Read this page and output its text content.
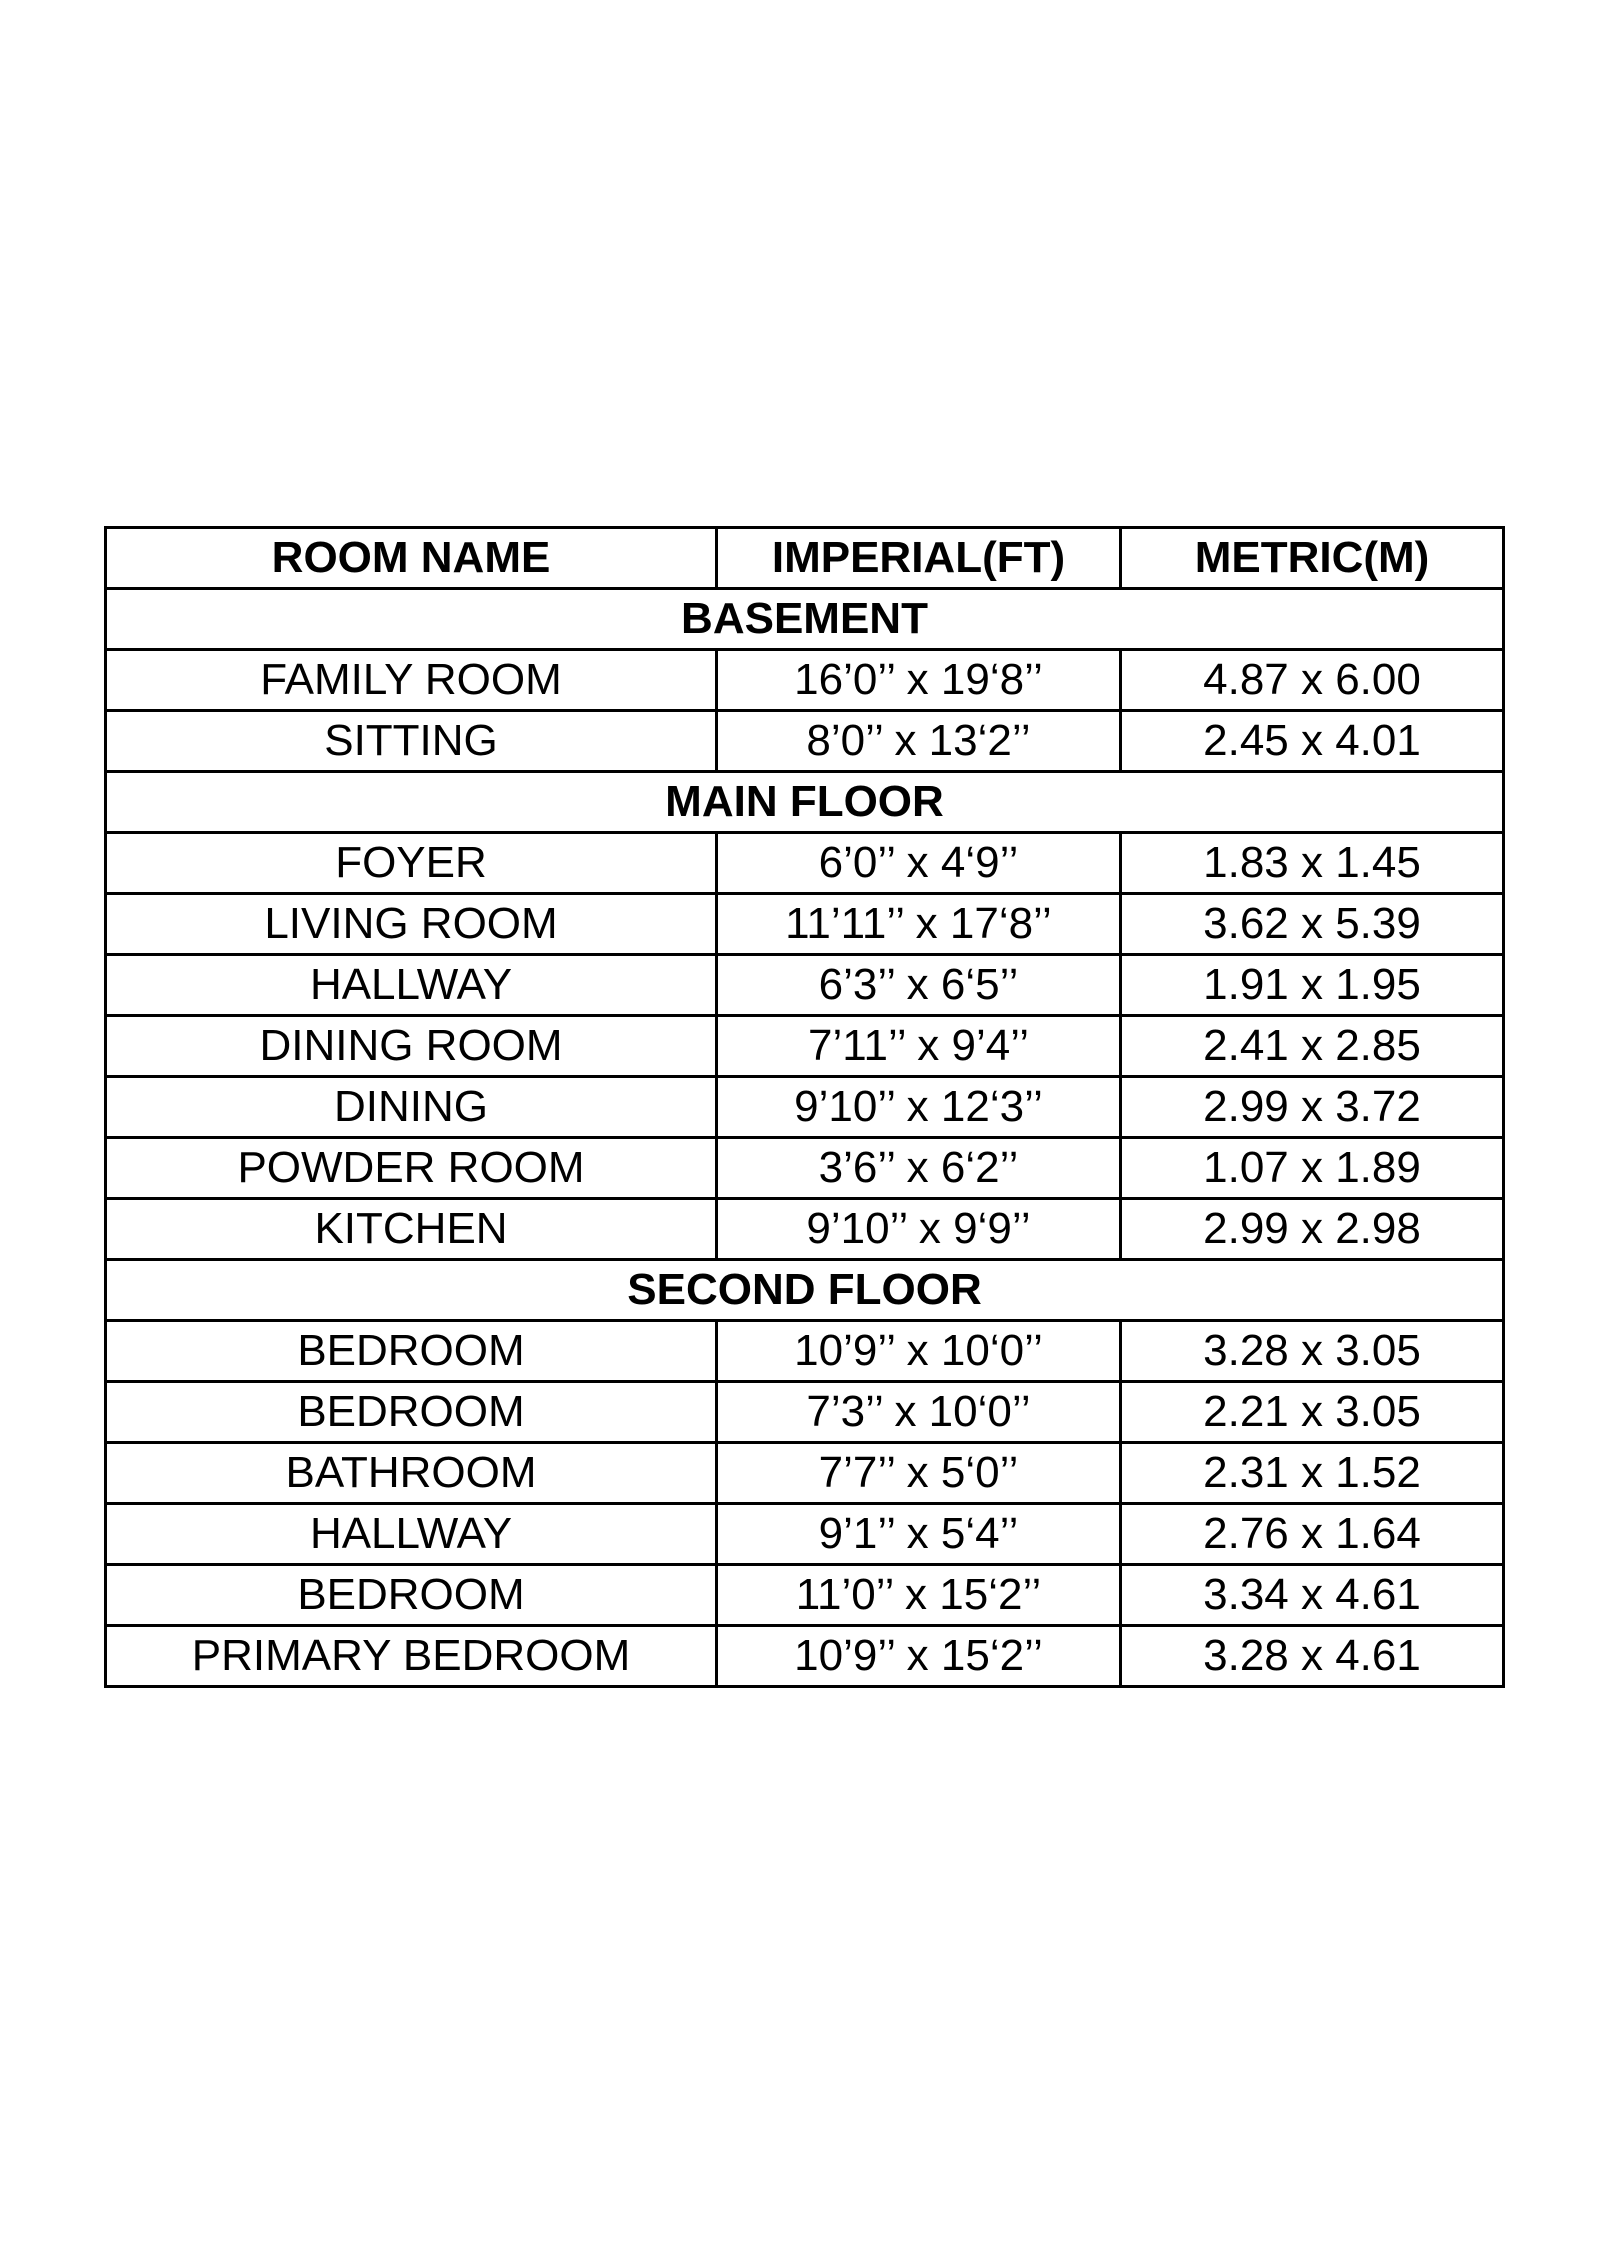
ROOM NAME	IMPERIAL(FT)	METRIC(M)
BASEMENT		
FAMILY ROOM	16’0’’ x 19‘8’’	4.87 x 6.00
SITTING	8’0’’ x 13‘2’’	2.45 x 4.01
MAIN FLOOR		
FOYER	6’0’’ x 4‘9’’	1.83 x 1.45
LIVING ROOM	11’11’’ x 17‘8’’	3.62 x 5.39
HALLWAY	6’3’’ x 6‘5’’	1.91 x 1.95
DINING ROOM	7’11’’ x 9’4’’	2.41 x 2.85
DINING	9’10’’ x 12‘3’’	2.99 x 3.72
POWDER ROOM	3’6’’ x 6‘2’’	1.07 x 1.89
KITCHEN	9’10’’ x 9‘9’’	2.99 x 2.98
SECOND FLOOR		
BEDROOM	10’9’’ x 10‘0’’	3.28 x 3.05
BEDROOM	7’3’’ x 10‘0’’	2.21 x 3.05
BATHROOM	7’7’’ x 5‘0’’	2.31 x 1.52
HALLWAY	9’1’’ x 5‘4’’	2.76 x 1.64
BEDROOM	11’0’’ x 15‘2’’	3.34 x 4.61
PRIMARY BEDROOM	10’9’’ x 15‘2’’	3.28 x 4.61
